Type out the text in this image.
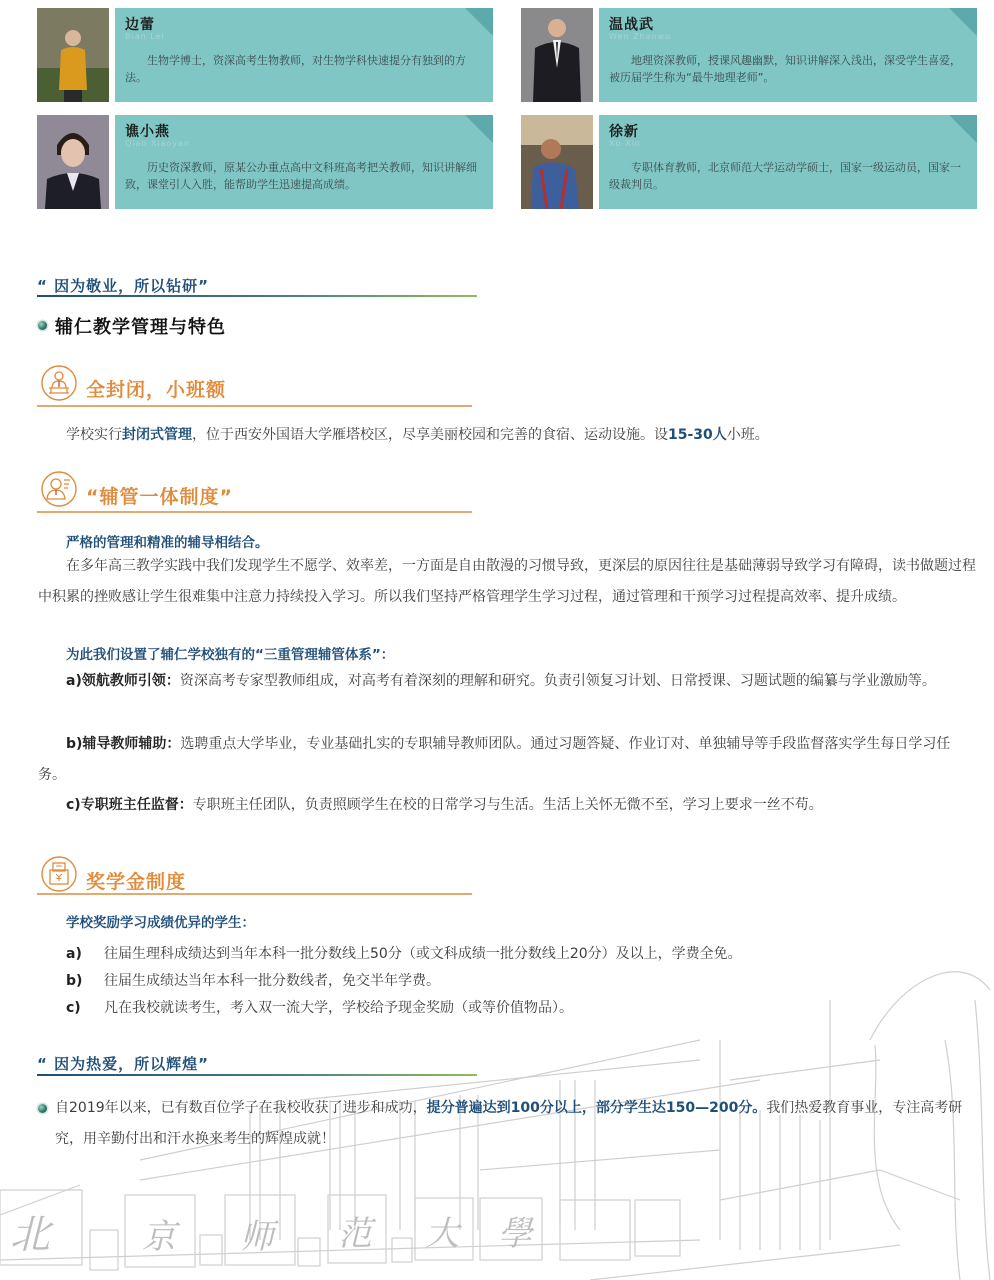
北	京 师 范 大 學
边蕾
Bian Lei
生物学博士，资深高考生物教师，对生物学科快速提分有独到的方法。
温战武
Wen Zhanwu
地理资深教师，授课风趣幽默，知识讲解深入浅出，深受学生喜爱，被历届学生称为“最牛地理老师”。
谯小燕
Qiao Xiaoyan
历史资深教师，原某公办重点高中文科班高考把关教师，知识讲解细致，课堂引人入胜，能帮助学生迅速提高成绩。
徐新
Xu Xin
专职体育教师，北京师范大学运动学硕士，国家一级运动员，国家一级裁判员。
“ 因为敬业，所以钻研”
辅仁教学管理与特色
全封闭，小班额
学校实行封闭式管理，位于西安外国语大学雁塔校区，尽享美丽校园和完善的食宿、运动设施。设15-30人小班。
“辅管一体制度”
严格的管理和精准的辅导相结合。
在多年高三教学实践中我们发现学生不愿学、效率差，一方面是自由散漫的习惯导致，更深层的原因往往是基础薄弱导致学习有障碍，读书做题过程中积累的挫败感让学生很难集中注意力持续投入学习。所以我们坚持严格管理学生学习过程，通过管理和干预学习过程提高效率、提升成绩。
为此我们设置了辅仁学校独有的“三重管理辅管体系”：
a)领航教师引领：资深高考专家型教师组成，对高考有着深刻的理解和研究。负责引领复习计划、日常授课、习题试题的编纂与学业激励等。
b)辅导教师辅助：选聘重点大学毕业，专业基础扎实的专职辅导教师团队。通过习题答疑、作业订对、单独辅导等手段监督落实学生每日学习任务。
c)专职班主任监督：专职班主任团队，负责照顾学生在校的日常学习与生活。生活上关怀无微不至，学习上要求一丝不苟。
奖学金制度
学校奖励学习成绩优异的学生：
a) 往届生理科成绩达到当年本科一批分数线上50分（或文科成绩一批分数线上20分）及以上，学费全免。
b) 往届生成绩达当年本科一批分数线者，免交半年学费。
c) 凡在我校就读考生，考入双一流大学，学校给予现金奖励（或等价值物品）。
“ 因为热爱，所以辉煌”
自2019年以来，已有数百位学子在我校收获了进步和成功，提分普遍达到100分以上，部分学生达150—200分。我们热爱教育事业，专注高考研究，用辛勤付出和汗水换来考生的辉煌成就！
